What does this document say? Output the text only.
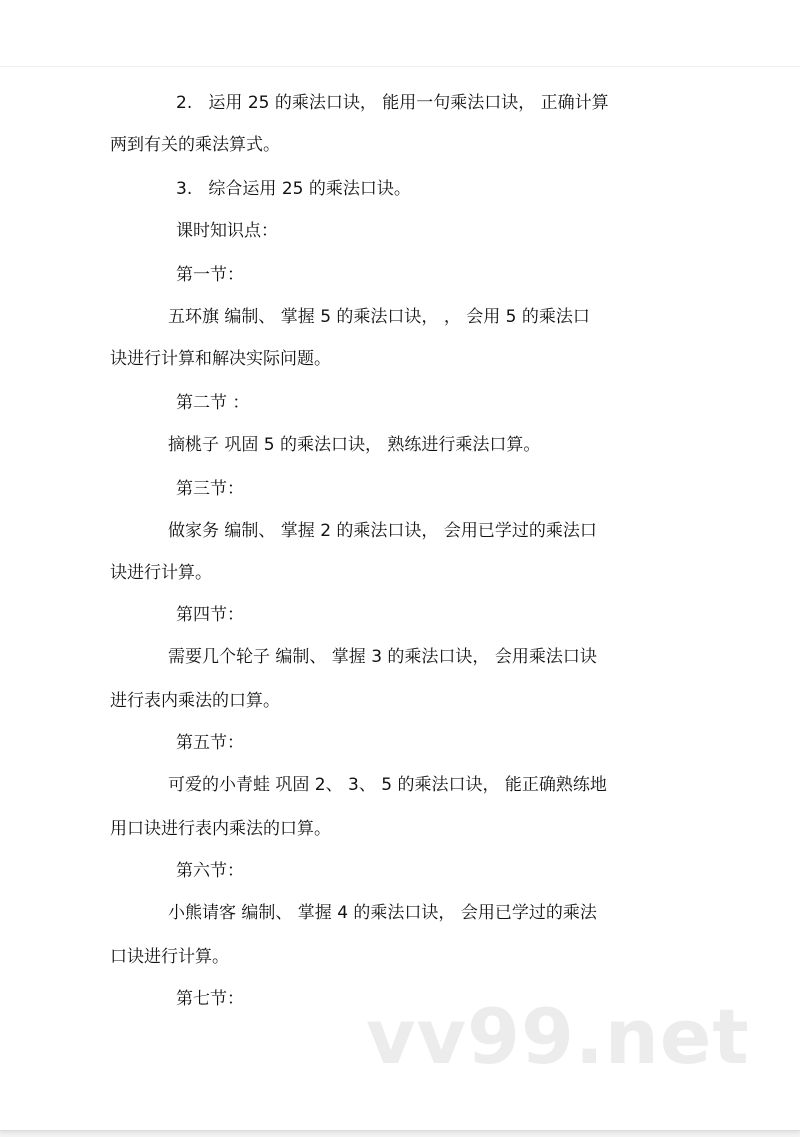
2.   运用 25 的乘法口诀， 能用一句乘法口诀， 正确计算
两到有关的乘法算式。
3.   综合运用 25 的乘法口诀。
课时知识点：
第一节：
五环旗 编制、 掌握 5 的乘法口诀， ， 会用 5 的乘法口
诀进行计算和解决实际问题。
第二节 ：
摘桃子 巩固 5 的乘法口诀， 熟练进行乘法口算。
第三节：
做家务 编制、 掌握 2 的乘法口诀， 会用已学过的乘法口
诀进行计算。
第四节：
需要几个轮子 编制、 掌握 3 的乘法口诀， 会用乘法口诀
进行表内乘法的口算。
第五节：
可爱的小青蛙 巩固 2、 3、 5 的乘法口诀， 能正确熟练地
用口诀进行表内乘法的口算。
第六节：
小熊请客 编制、 掌握 4 的乘法口诀， 会用已学过的乘法
口诀进行计算。
第七节： vv99.net
